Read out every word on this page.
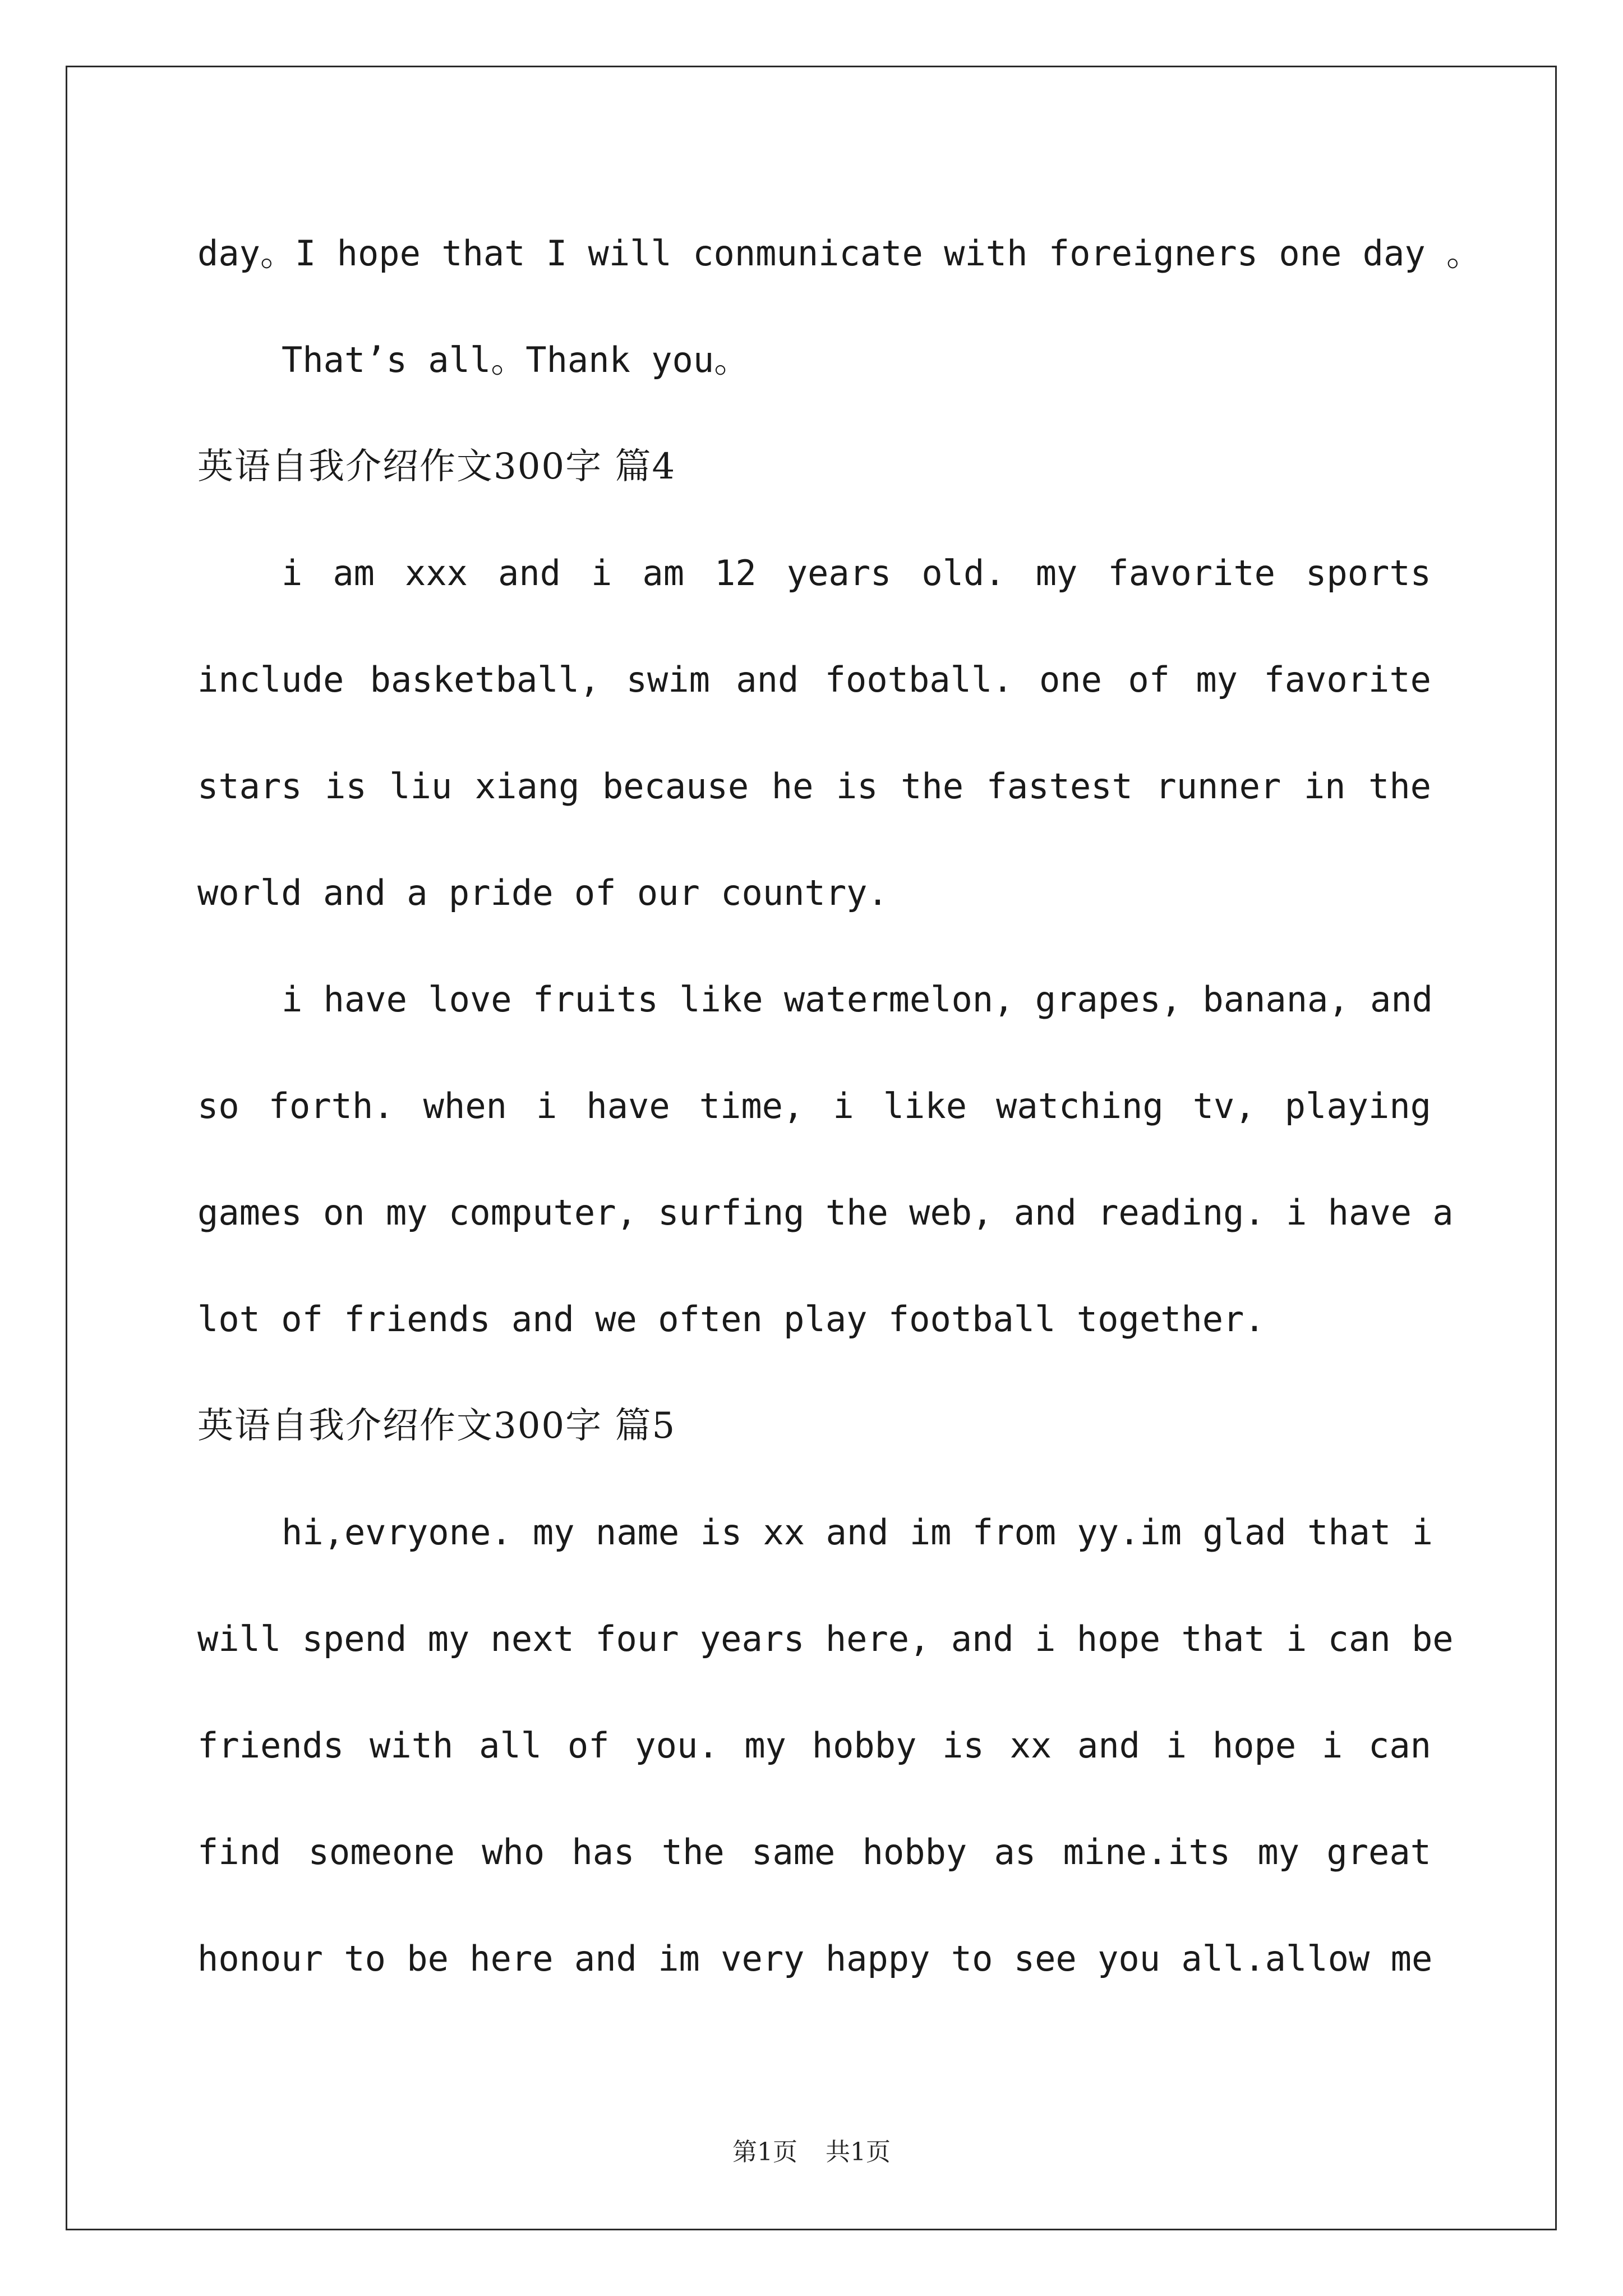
day。I hope that I will conmunicate with foreigners one day 。
That’s all。Thank you。
英语自我介绍作文300字 篇4
i am xxx and i am 12 years old. my favorite sports
include basketball, swim and football. one of my favorite
stars is liu xiang because he is the fastest runner in the
world and a pride of our country.
i have love fruits like watermelon, grapes, banana, and
so forth. when i have time, i like watching tv, playing
games on my computer, surfing the web, and reading. i have a
lot of friends and we often play football together.
英语自我介绍作文300字 篇5
hi,evryone. my name is xx and im from yy.im glad that i
will spend my next four years here, and i hope that i can be
friends with all of you. my hobby is xx and i hope i can
find someone who has the same hobby as mine.its my great
honour to be here and im very happy to see you all.allow me
第1页 共1页
